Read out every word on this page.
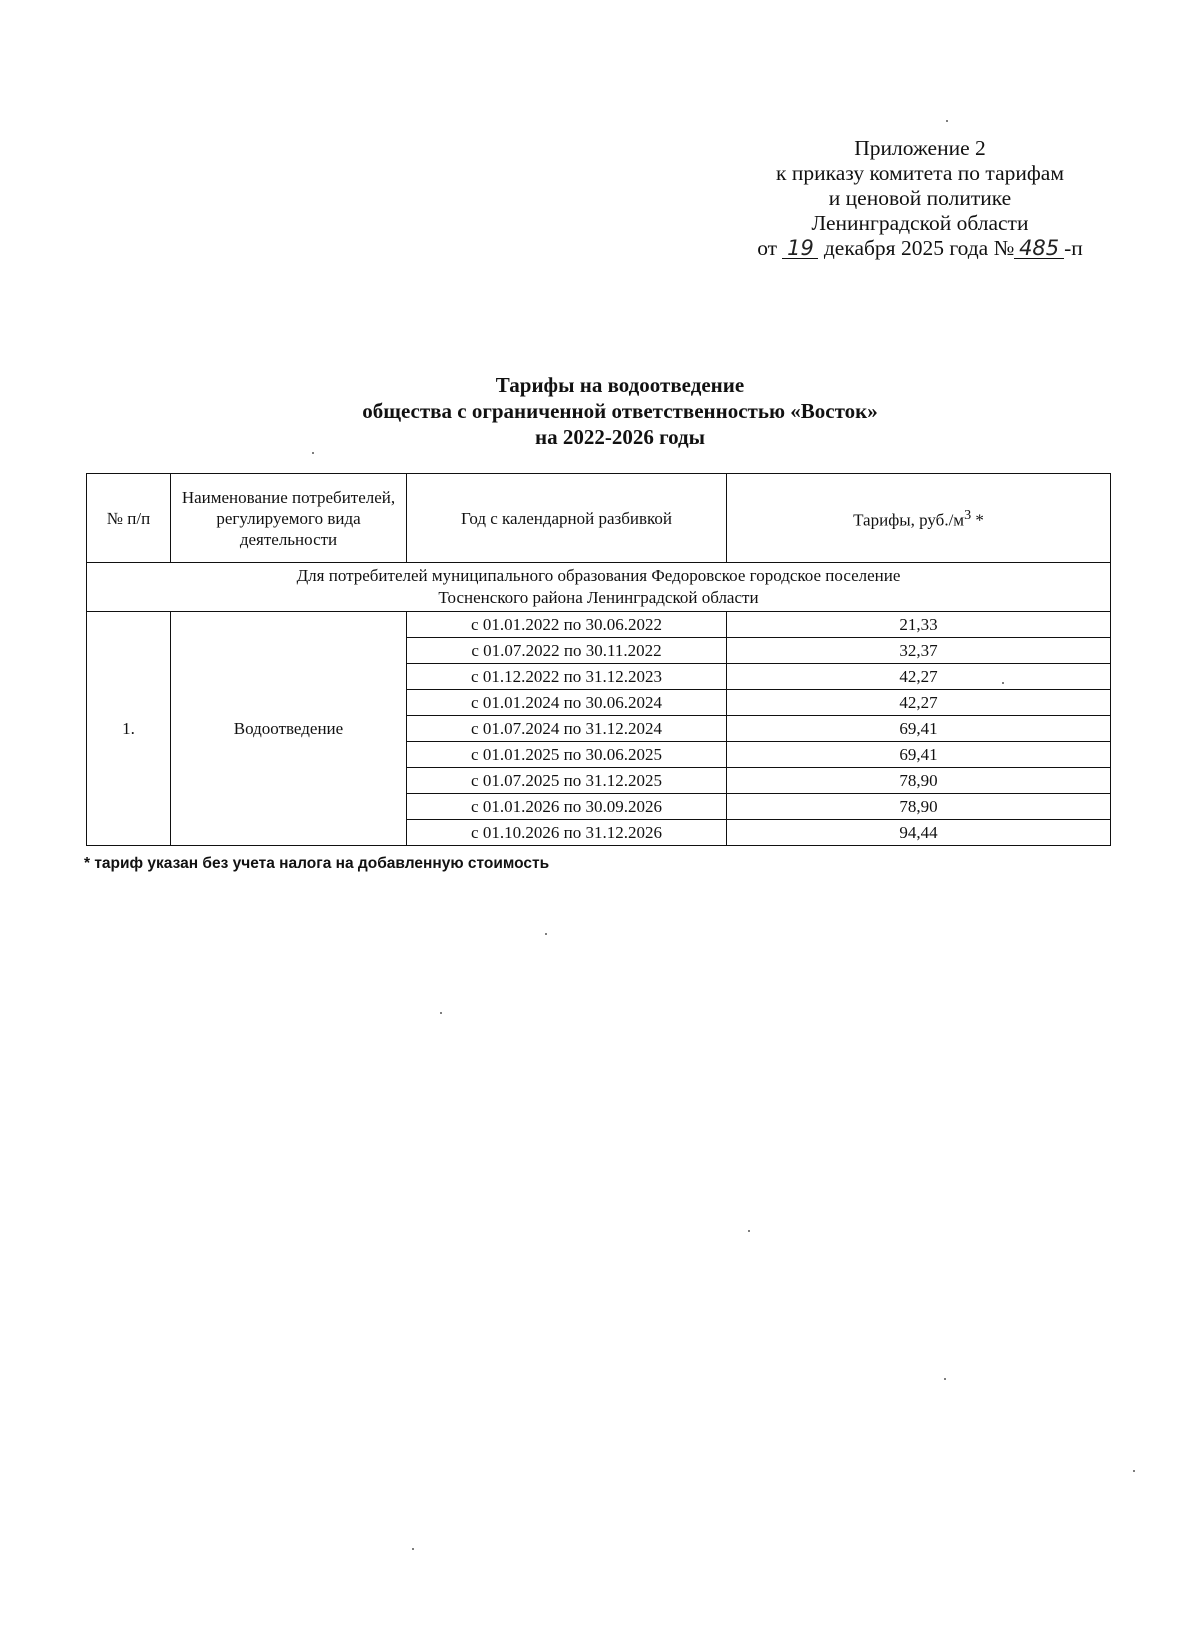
Приложение 2
к приказу комитета по тарифам
и ценовой политике
Ленинградской области
от 19 декабря 2025 года № 485 -п
Тарифы на водоотведение
общества с ограниченной ответственностью «Восток»
на 2022-2026 годы
№ п/п	Наименование потребителей, регулируемого вида деятельности	Год с календарной разбивкой	Тарифы, $руб./м^3$ *
Для потребителей муниципального образования Федоровское городское поселение
Тосненского района Ленинградской области			
1.	Водоотведение	с 01.01.2022 по 30.06.2022	21,33
		с 01.07.2022 по 30.11.2022	32,37
		с 01.12.2022 по 31.12.2023	42,27
		с 01.01.2024 по 30.06.2024	42,27
		с 01.07.2024 по 31.12.2024	69,41
		с 01.01.2025 по 30.06.2025	69,41
		с 01.07.2025 по 31.12.2025	78,90
		с 01.01.2026 по 30.09.2026	78,90
		с 01.10.2026 по 31.12.2026	94,44
* тариф указан без учета налога на добавленную стоимость
